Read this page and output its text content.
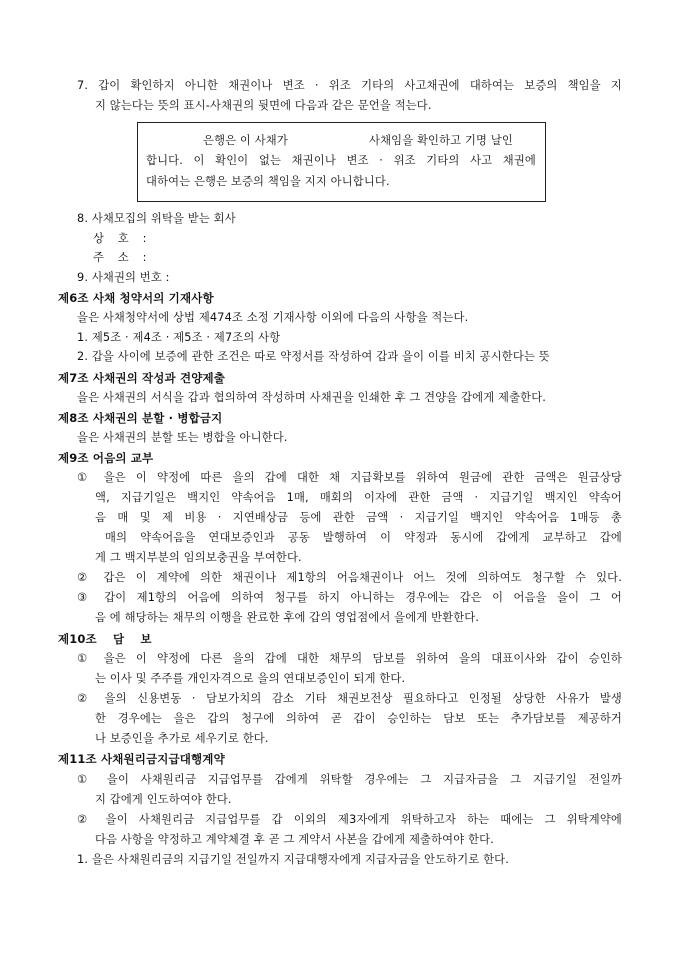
7. 갑이 확인하지 아니한 채권이나 변조 · 위조 기타의 사고채권에 대하여는 보증의 책임을 지
지 않는다는 뜻의 표시-사채권의 뒷면에 다음과 같은 문언을 적는다.
은행은 이 사채가	사채임을 확인하고 기명 날인
합니다. 이 확인이 없는 채권이나 변조 · 위조 기타의 사고 채권에
대하여는 은행은 보증의 책임을 지지 아니합니다.
8. 사채모집의 위탁을 받는 회사
상 호 :
주 소 :
9. 사채권의 번호 :
제6조 사채 청약서의 기재사항
을은 사채청약서에 상법 제474조 소정 기재사항 이외에 다음의 사항을 적는다.
1. 제5조 · 제4조 · 제5조 · 제7조의 사항
2. 갑을 사이에 보증에 관한 조건은 따로 약정서를 작성하여 갑과 을이 이를 비치 공시한다는 뜻
제7조 사채권의 작성과 견양제출
을은 사채권의 서식을 갑과 협의하여 작성하며 사채권을 인쇄한 후 그 견양을 갑에게 제출한다.
제8조 사채권의 분할 · 병합금지
을은 사채권의 분할 또는 병합을 아니한다.
제9조 어음의 교부
① 을은 이 약정에 따른 을의 갑에 대한 채 지급확보를 위하여 원금에 관한 금액은 원금상당
액, 지급기일은 백지인 약속어음 1매, 매회의 이자에 관한 금액 · 지급기일 백지인 약속어
음 매 및 제 비용 · 지연배상금 등에 관한 금액 · 지급기일 백지인 약속어음 1매등 총
매의 약속어음을 연대보증인과 공동 발행하여 이 약정과 동시에 갑에게 교부하고 갑에
게 그 백지부분의 임의보충권을 부여한다.
② 갑은 이 계약에 의한 채권이나 제1항의 어음채권이나 어느 것에 의하여도 청구할 수 있다.
③ 갑이 제1항의 어음에 의하여 청구를 하지 아니하는 경우에는 갑은 이 어음을 을이 그 어
음 에 해당하는 채무의 이행을 완료한 후에 갑의 영업점에서 을에게 반환한다.
제10조 담 보
① 을은 이 약정에 다른 을의 갑에 대한 채무의 담보를 위하여 을의 대표이사와 갑이 승인하
는 이사 및 주주를 개인자격으로 을의 연대보증인이 되게 한다.
② 을의 신용변동 · 담보가치의 감소 기타 채권보전상 필요하다고 인정될 상당한 사유가 발생
한 경우에는 을은 갑의 청구에 의하여 곧 갑이 승인하는 담보 또는 추가담보를 제공하거
나 보증인을 추가로 세우기로 한다.
제11조 사채원리금지급대행계약
① 을이 사채원리금 지급업무를 갑에게 위탁할 경우에는 그 지급자금을 그 지급기일 전일까
지 갑에게 인도하여야 한다.
② 을이 사채원리금 지급업무를 갑 이외의 제3자에게 위탁하고자 하는 때에는 그 위탁계약에
다음 사항을 약정하고 계약체결 후 곧 그 계약서 사본을 갑에게 제출하여야 한다.
1. 을은 사채원리금의 지급기일 전일까지 지급대행자에게 지급자금을 안도하기로 한다.
